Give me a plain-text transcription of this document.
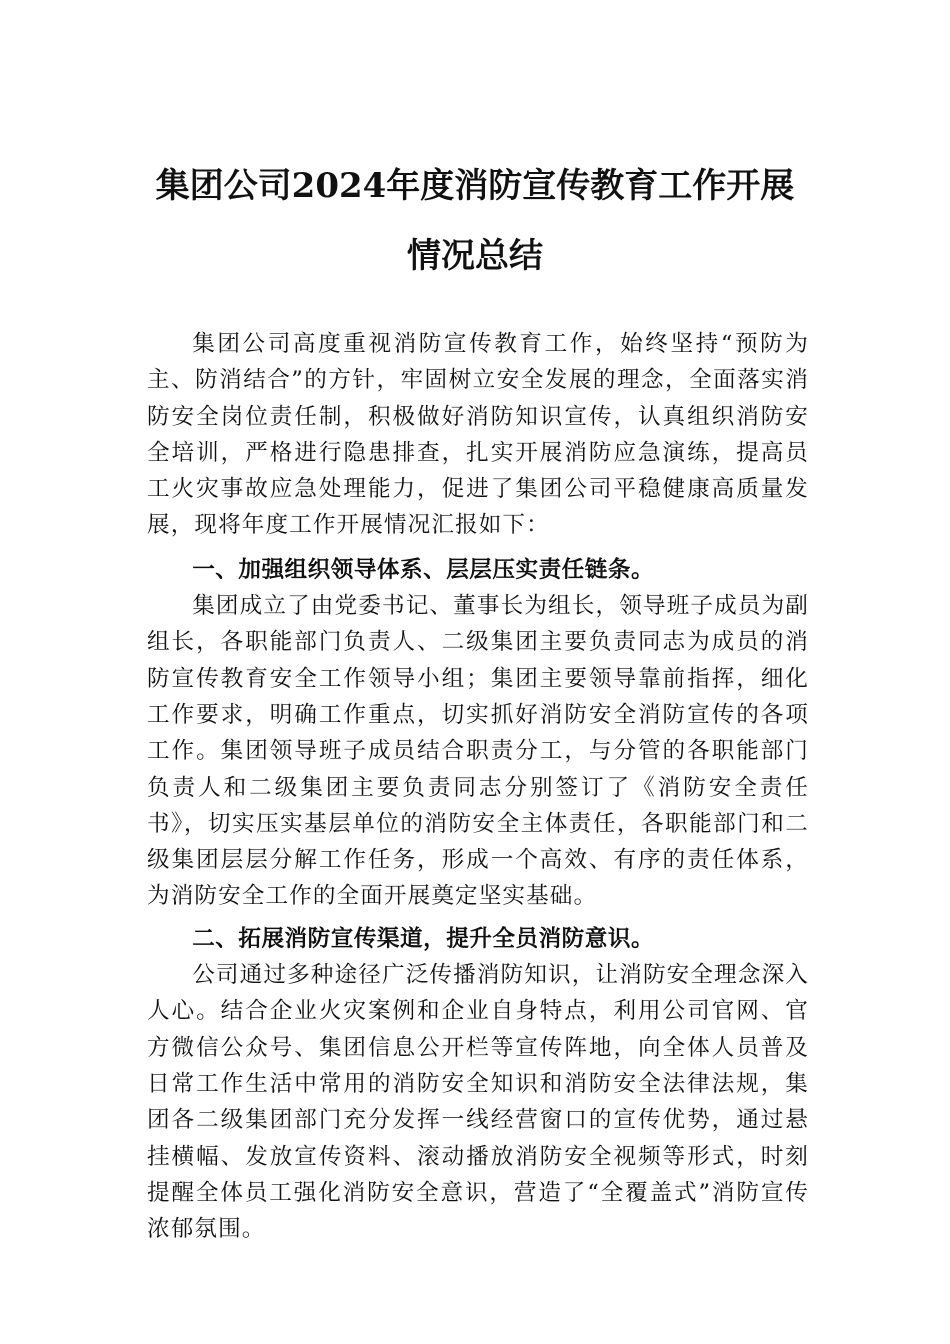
集团公司2024年度消防宣传教育工作开展
情况总结

集团公司高度重视消防宣传教育工作，始终坚持“预防为主、防消结合”的方针，牢固树立安全发展的理念，全面落实消防安全岗位责任制，积极做好消防知识宣传，认真组织消防安全培训，严格进行隐患排查，扎实开展消防应急演练，提高员工火灾事故应急处理能力，促进了集团公司平稳健康高质量发展，现将年度工作开展情况汇报如下：

一、加强组织领导体系、层层压实责任链条。

集团成立了由党委书记、董事长为组长，领导班子成员为副组长，各职能部门负责人、二级集团主要负责同志为成员的消防宣传教育安全工作领导小组；集团主要领导靠前指挥，细化工作要求，明确工作重点，切实抓好消防安全消防宣传的各项工作。集团领导班子成员结合职责分工，与分管的各职能部门负责人和二级集团主要负责同志分别签订了《消防安全责任书》，切实压实基层单位的消防安全主体责任，各职能部门和二级集团层层分解工作任务，形成一个高效、有序的责任体系，为消防安全工作的全面开展奠定坚实基础。

二、拓展消防宣传渠道，提升全员消防意识。

公司通过多种途径广泛传播消防知识，让消防安全理念深入人心。结合企业火灾案例和企业自身特点，利用公司官网、官方微信公众号、集团信息公开栏等宣传阵地，向全体人员普及日常工作生活中常用的消防安全知识和消防安全法律法规，集团各二级集团部门充分发挥一线经营窗口的宣传优势，通过悬挂横幅、发放宣传资料、滚动播放消防安全视频等形式，时刻提醒全体员工强化消防安全意识，营造了“全覆盖式”消防宣传浓郁氛围。
